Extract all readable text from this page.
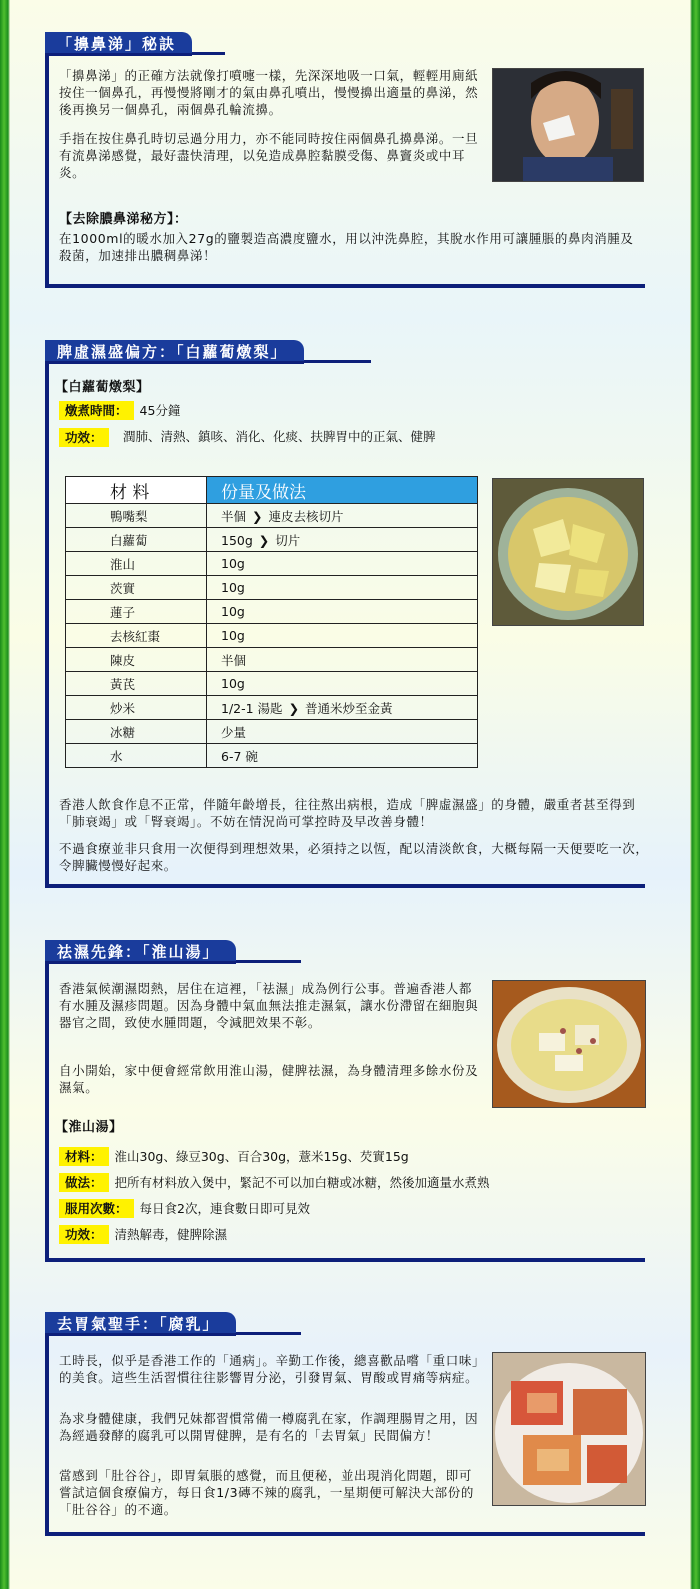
「擤鼻涕」秘訣
「擤鼻涕」的正確方法就像打噴嚏一樣，先深深地吸一口氣，輕輕用廁紙按住一個鼻孔，再慢慢將剛才的氣由鼻孔噴出，慢慢擤出適量的鼻涕，然後再換另一個鼻孔，兩個鼻孔輪流擤。
手指在按住鼻孔時切忌過分用力，亦不能同時按住兩個鼻孔擤鼻涕。一旦有流鼻涕感覺，最好盡快清理，以免造成鼻腔黏膜受傷、鼻竇炎或中耳炎。
【去除膿鼻涕秘方】：
在1000ml的暖水加入27g的鹽製造高濃度鹽水，用以沖洗鼻腔，其脫水作用可讓腫脹的鼻肉消腫及殺菌，加速排出膿稠鼻涕！
脾虛濕盛偏方：「白蘿蔔燉梨」
【白蘿蔔燉梨】
燉煮時間： 45分鐘
功效：	潤肺、清熱、鎮咳、消化、化痰、扶脾胃中的正氣、健脾
材 料	份量及做法
鴨嘴梨	半個 ❯ 連皮去核切片
白蘿蔔	150g ❯ 切片
淮山	10g
茨實	10g
蓮子	10g
去核紅棗	10g
陳皮	半個
黃芪	10g
炒米	1/2-1 湯匙 ❯ 普通米炒至金黃
冰糖	少量
水	6-7 碗
香港人飲食作息不正常，伴隨年齡增長，往往熬出病根，造成「脾虛濕盛」的身體，嚴重者甚至得到「肺衰竭」或「腎衰竭」。不妨在情況尚可掌控時及早改善身體！
不過食療並非只食用一次便得到理想效果，必須持之以恆，配以清淡飲食，大概每隔一天便要吃一次，令脾臟慢慢好起來。
祛濕先鋒：「淮山湯」
香港氣候潮濕悶熱，居住在這裡，「祛濕」成為例行公事。普遍香港人都有水腫及濕疹問題。因為身體中氣血無法推走濕氣，讓水份滯留在細胞與器官之間，致使水腫問題，令減肥效果不彰。
自小開始，家中便會經常飲用淮山湯，健脾祛濕，為身體清理多餘水份及濕氣。
【淮山湯】
材料： 淮山30g、綠豆30g、百合30g，薏米15g、芡實15g
做法： 把所有材料放入煲中，緊記不可以加白糖或冰糖，然後加適量水煮熟
服用次數： 每日食2次，連食數日即可見效
功效： 清熱解毒，健脾除濕
去胃氣聖手：「腐乳」
工時長，似乎是香港工作的「通病」。辛勤工作後，總喜歡品嚐「重口味」的美食。這些生活習慣往往影響胃分泌，引發胃氣、胃酸或胃痛等病症。
為求身體健康，我們兄妹都習慣常備一樽腐乳在家，作調理腸胃之用，因為經過發酵的腐乳可以開胃健脾，是有名的「去胃氣」民間偏方！
當感到「肚谷谷」，即胃氣脹的感覺，而且便秘，並出現消化問題，即可嘗試這個食療偏方，每日食1/3磚不辣的腐乳，一星期便可解決大部份的「肚谷谷」的不適。
